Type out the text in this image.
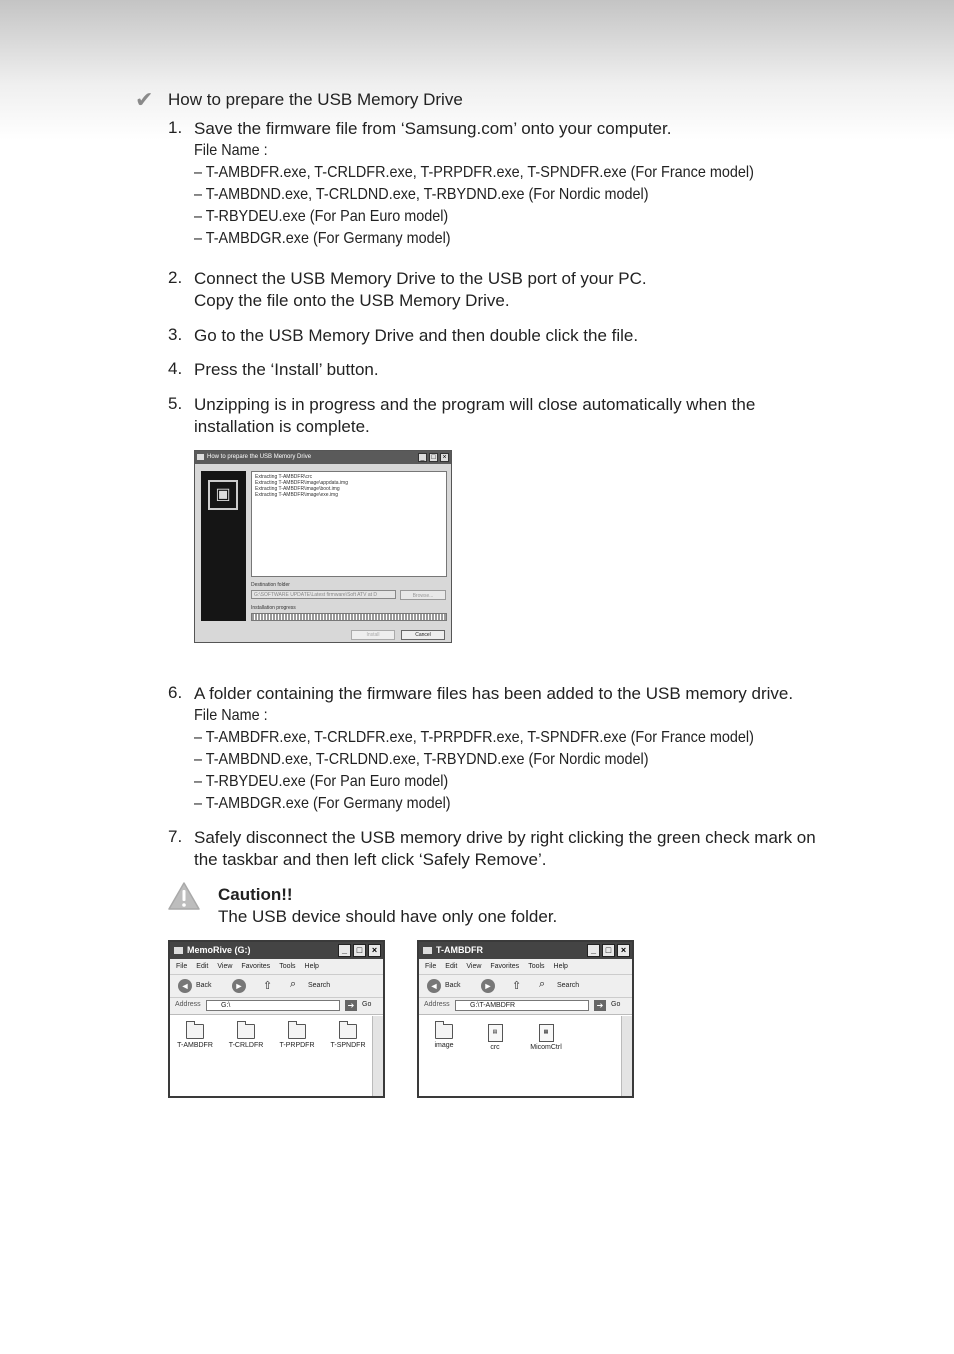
✔ How to prepare the USB Memory Drive
1. Save the firmware file from ‘Samsung.com’ onto your computer.
File Name :
– T-AMBDFR.exe, T-CRLDFR.exe, T-PRPDFR.exe, T-SPNDFR.exe (For France model)
– T-AMBDND.exe, T-CRLDND.exe, T-RBYDND.exe (For Nordic model)
– T-RBYDEU.exe (For Pan Euro model)
– T-AMBDGR.exe (For Germany model)
2. Connect the USB Memory Drive to the USB port of your PC.
Copy the file onto the USB Memory Drive.
3. Go to the USB Memory Drive and then double click the file.
4. Press the ‘Install’ button.
5. Unzipping is in progress and the program will close automatically when the
installation is complete.
How to prepare the USB Memory Drive	_ □ ×
▣
Extracting T-AMBDFR\crc
Extracting T-AMBDFR\image\appdata.img
Extracting T-AMBDFR\image\boot.img
Extracting T-AMBDFR\image\exe.img
Destination folder
G:\SOFTWARE UPDATE\Latest firmware\Soft ATV at D	Browse...
Installation progress
Install	Cancel
6. A folder containing the firmware files has been added to the USB memory drive.
File Name :
– T-AMBDFR.exe, T-CRLDFR.exe, T-PRPDFR.exe, T-SPNDFR.exe (For France model)
– T-AMBDND.exe, T-CRLDND.exe, T-RBYDND.exe (For Nordic model)
– T-RBYDEU.exe (For Pan Euro model)
– T-AMBDGR.exe (For Germany model)
7. Safely disconnect the USB memory drive by right clicking the green check mark on
the taskbar and then left click ‘Safely Remove’.
Caution!!
The USB device should have only one folder.
MemoRive (G:)	_	□	×
File Edit View Favorites Tools Help
◄ Back	► ⇧ ⌕ Search
Address	G:\	➔	Go
T-AMBDFR	T-CRLDFR	T-PRPDFR	T-SPNDFR
T-AMBDFR	_	□	×
File Edit View Favorites Tools Help
◄ Back	► ⇧ ⌕ Search
Address	G:\T-AMBDFR	➔	Go
image
▤
crc
▦
MicomCtrl
